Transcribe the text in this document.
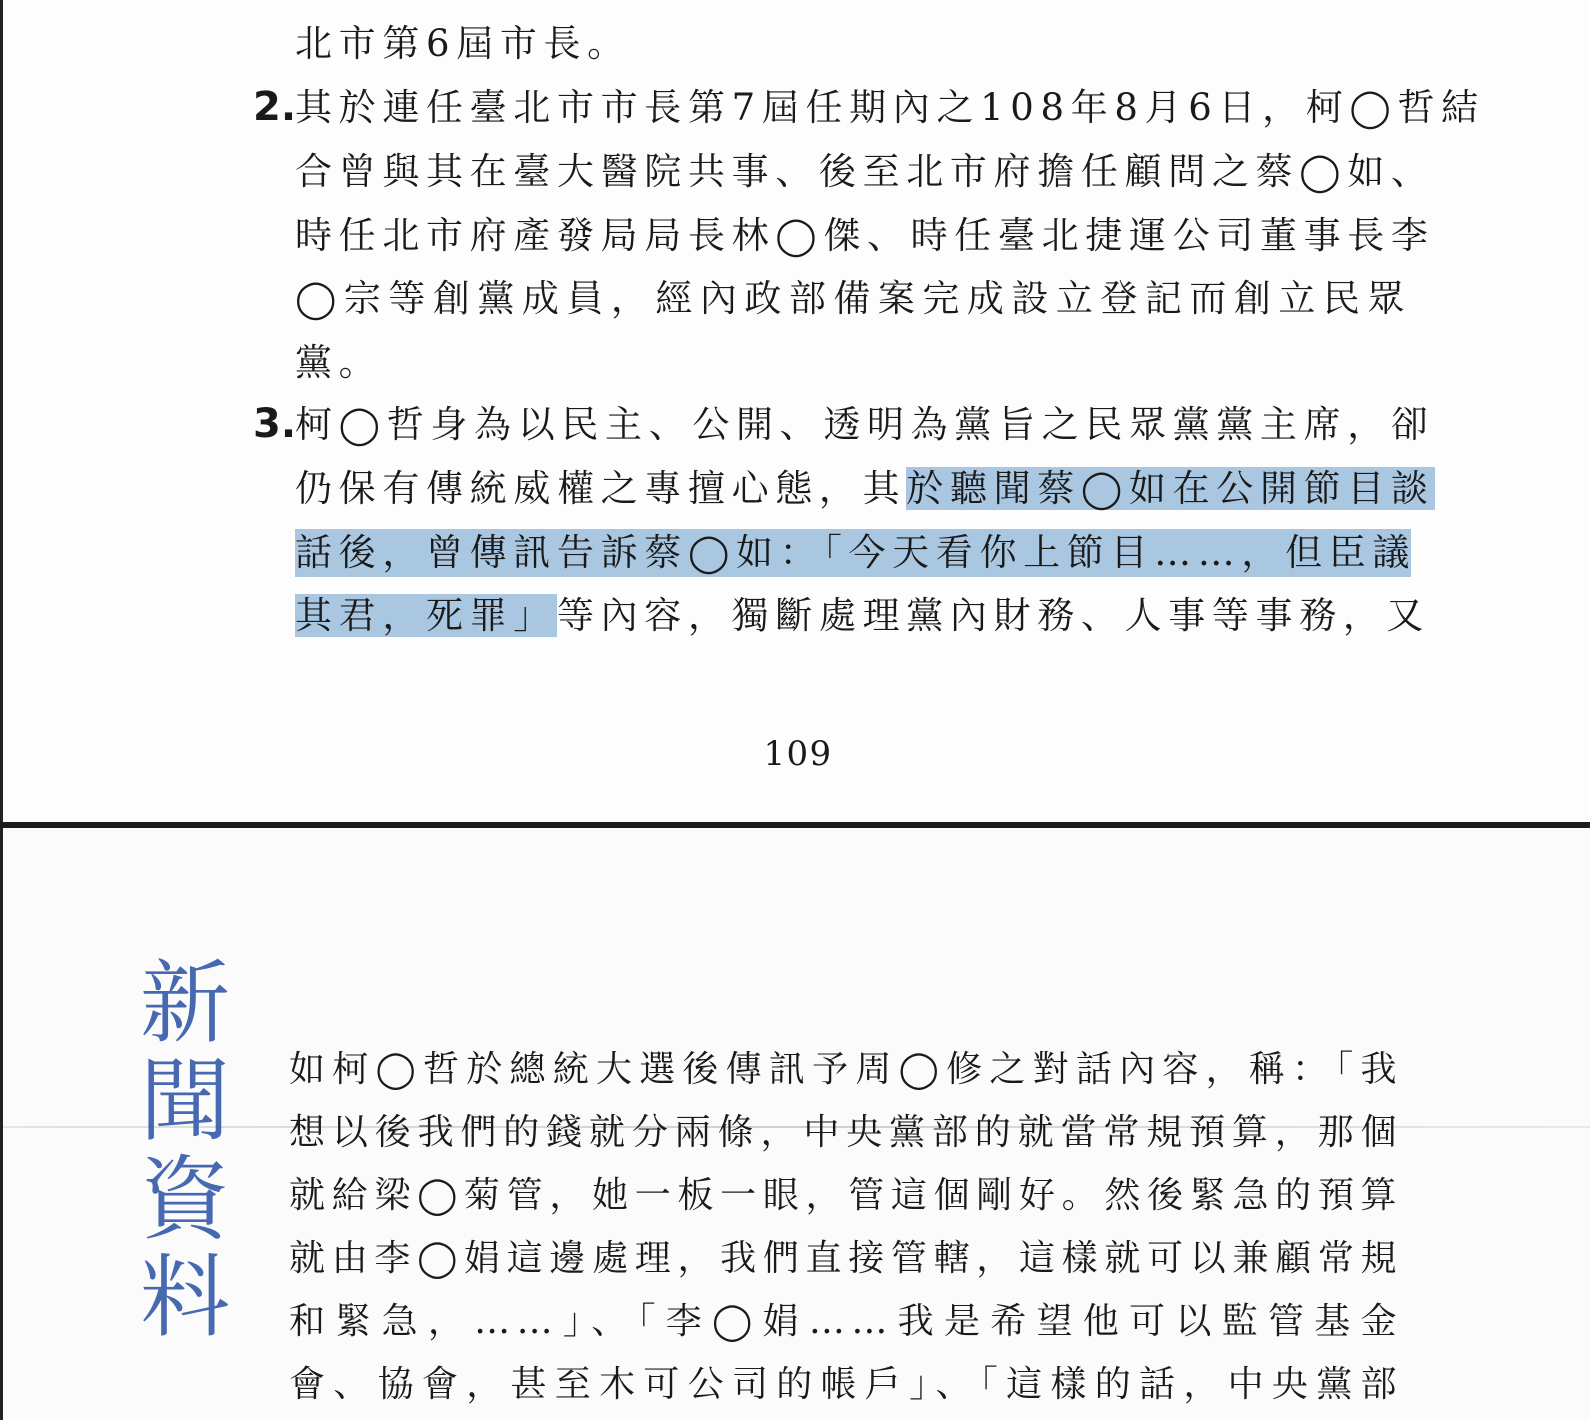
北市第6屆市長。
2.
其於連任臺北市市長第7屆任期內之108年8月6日，柯◯哲結
合曾與其在臺大醫院共事、後至北市府擔任顧問之蔡◯如、
時任北市府產發局局長林◯傑、時任臺北捷運公司董事長李
◯宗等創黨成員，經內政部備案完成設立登記而創立民眾
黨。
3.
柯◯哲身為以民主、公開、透明為黨旨之民眾黨黨主席，卻
仍保有傳統威權之專擅心態，其於聽聞蔡◯如在公開節目談
話後，曾傳訊告訴蔡◯如：「今天看你上節目……，但臣議
其君，死罪」等內容，獨斷處理黨內財務、人事等事務，又
109
新
聞
資
料
如柯◯哲於總統大選後傳訊予周◯修之對話內容，稱：「我
想以後我們的錢就分兩條，中央黨部的就當常規預算，那個
就給梁◯菊管，她一板一眼，管這個剛好。然後緊急的預算
就由李◯娟這邊處理，我們直接管轄，這樣就可以兼顧常規
和緊急，……」、「李◯娟……我是希望他可以監管基金
會、協會，甚至木可公司的帳戶」、「這樣的話，中央黨部
